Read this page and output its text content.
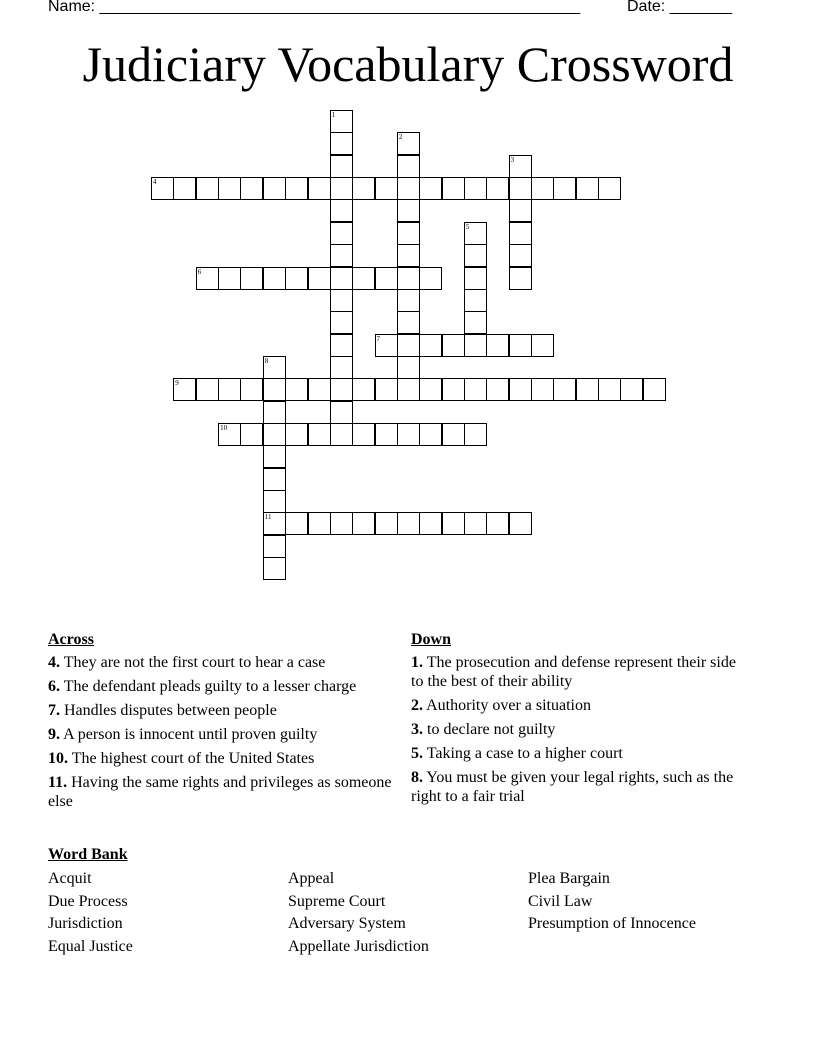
Name: ______________________________________________________	Date: _______
Judiciary Vocabulary Crossword
4
6
7
9
10
11
1
2
3
5
8
Across
4. They are not the first court to hear a case
6. The defendant pleads guilty to a lesser charge
7. Handles disputes between people
9. A person is innocent until proven guilty
10. The highest court of the United States
11. Having the same rights and privileges as someone else
Down
1. The prosecution and defense represent their side to the best of their ability
2. Authority over a situation
3. to declare not guilty
5. Taking a case to a higher court
8. You must be given your legal rights, such as the right to a fair trial
Word Bank
Acquit	Appeal	Plea Bargain
Due Process	Supreme Court	Civil Law
Jurisdiction	Adversary System	Presumption of Innocence
Equal Justice	Appellate Jurisdiction
